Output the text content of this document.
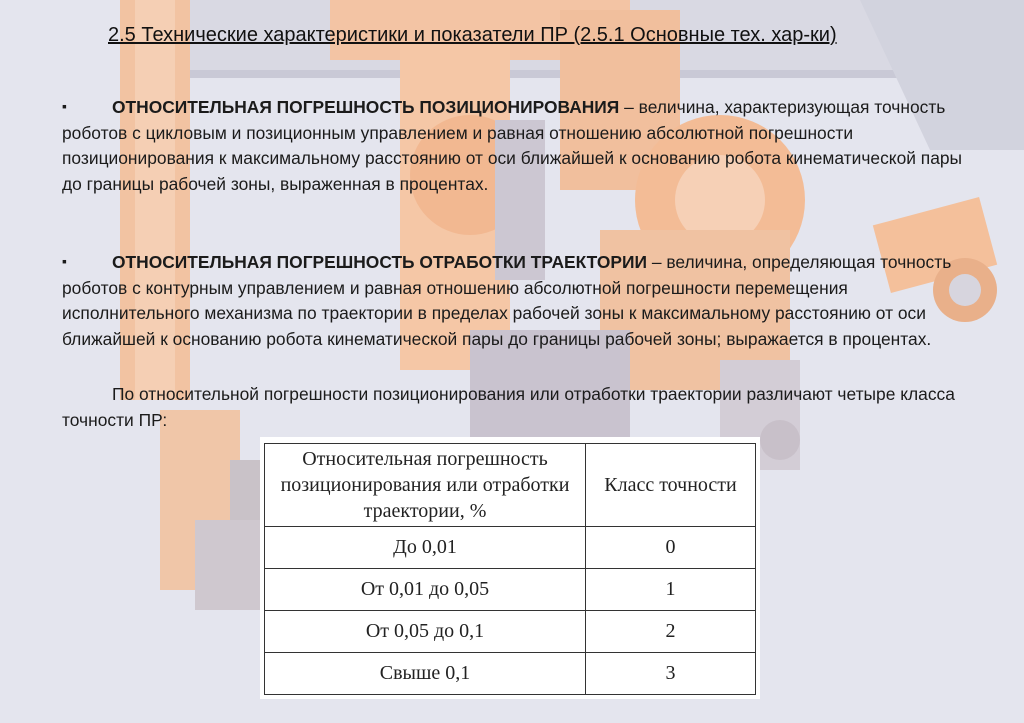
2.5 Технические характеристики и показатели ПР (2.5.1 Основные тех. хар-ки)
▪	ОТНОСИТЕЛЬНАЯ ПОГРЕШНОСТЬ ПОЗИЦИОНИРОВАНИЯ – величина, характеризующая точность роботов с цикловым и позиционным управлением и равная отношению абсолютной погрешности позиционирования к максимальному расстоянию от оси ближайшей к основанию робота кинематической пары до границы рабочей зоны, выраженная в процентах.
▪	ОТНОСИТЕЛЬНАЯ ПОГРЕШНОСТЬ ОТРАБОТКИ ТРАЕКТОРИИ – величина, определяющая точность роботов с контурным управлением и равная отношению абсолютной погрешности перемещения исполнительного механизма по траектории в пределах рабочей зоны к максимальному расстоянию от оси ближайшей к основанию робота кинематической пары до границы рабочей зоны; выражается в процентах.
По относительной погрешности позиционирования или отработки траектории различают четыре класса точности ПР:
Относительная погрешность позиционирования или отработки траектории, %	Класс точности
До 0,01	0
От 0,01 до 0,05	1
От 0,05 до 0,1	2
Свыше 0,1	3
